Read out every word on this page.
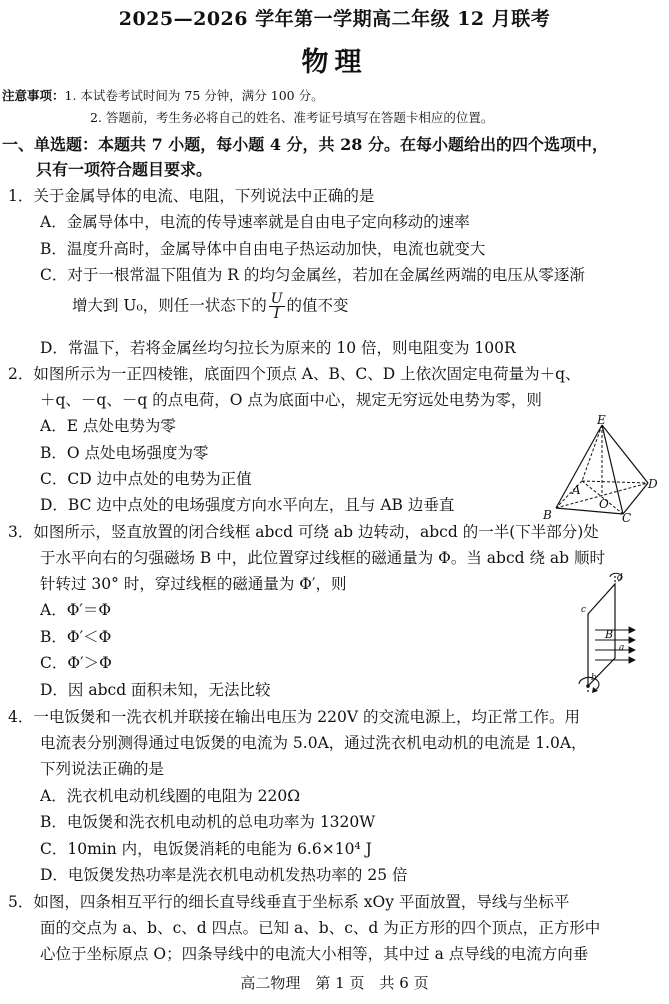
2025—2026 学年第一学期高二年级 12 月联考
物理
注意事项：1. 本试卷考试时间为 75 分钟，满分 100 分。
2. 答题前，考生务必将自己的姓名、准考证号填写在答题卡相应的位置。
一、单选题：本题共 7 小题，每小题 4 分，共 28 分。在每小题给出的四个选项中，
只有一项符合题目要求。
1．关于金属导体的电流、电阻，下列说法中正确的是
A．金属导体中，电流的传导速率就是自由电子定向移动的速率
B．温度升高时，金属导体中自由电子热运动加快，电流也就变大
C．对于一根常温下阻值为 R 的均匀金属丝，若加在金属丝两端的电压从零逐渐
增大到 U₀，则任一状态下的 $\frac{U}{I}$ 的值不变
D．常温下，若将金属丝均匀拉长为原来的 10 倍，则电阻变为 100R
2．如图所示为一正四棱锥，底面四个顶点 A、B、C、D 上依次固定电荷量为＋q、
＋q、－q、－q 的点电荷，O 点为底面中心，规定无穷远处电势为零，则
A．E 点处电势为零
B．O 点处电场强度为零
C．CD 边中点处的电势为正值
D．BC 边中点处的电场强度方向水平向左，且与 AB 边垂直
E
A
B	C
D
O
3．如图所示，竖直放置的闭合线框 abcd 可绕 ab 边转动，abcd 的一半(下半部分)处
于水平向右的匀强磁场 B 中，此位置穿过线框的磁通量为 Φ。当 abcd 绕 ab 顺时
针转过 30° 时，穿过线框的磁通量为 Φ′，则
A．Φ′＝Φ
B．Φ′＜Φ
C．Φ′＞Φ
D．因 abcd 面积未知，无法比较
d
c
a
b
B
4．一电饭煲和一洗衣机并联接在输出电压为 220V 的交流电源上，均正常工作。用
电流表分别测得通过电饭煲的电流为 5.0A，通过洗衣机电动机的电流是 1.0A，
下列说法正确的是
A．洗衣机电动机线圈的电阻为 220Ω
B．电饭煲和洗衣机电动机的总电功率为 1320W
C．10min 内，电饭煲消耗的电能为 6.6×10⁴ J
D．电饭煲发热功率是洗衣机电动机发热功率的 25 倍
5．如图，四条相互平行的细长直导线垂直于坐标系 xOy 平面放置，导线与坐标平
面的交点为 a、b、c、d 四点。已知 a、b、c、d 为正方形的四个顶点，正方形中
心位于坐标原点 O；四条导线中的电流大小相等，其中过 a 点导线的电流方向垂
高二物理　第 1 页　共 6 页
